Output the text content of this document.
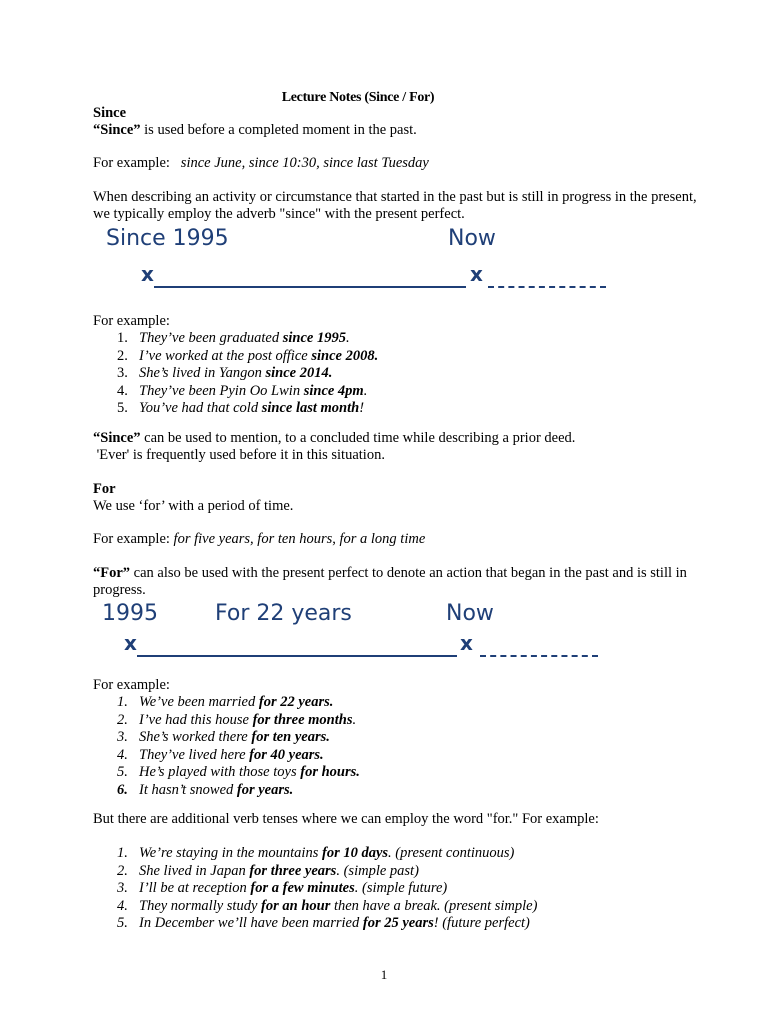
Lecture Notes (Since / For)
Since
“Since” is used before a completed moment in the past.
For example: since June, since 10:30, since last Tuesday
When describing an activity or circumstance that started in the past but is still in progress in the present, we typically employ the adverb "since" with the present perfect.
Since 1995	Now
x	x
For example:
1. They’ve been graduated since 1995.
2. I’ve worked at the post office since 2008.
3. She’s lived in Yangon since 2014.
4. They’ve been Pyin Oo Lwin since 4pm.
5. You’ve had that cold since last month!
“Since” can be used to mention, to a concluded time while describing a prior deed.
'Ever' is frequently used before it in this situation.
For
We use ‘for’ with a period of time.
For example: for five years, for ten hours, for a long time
“For” can also be used with the present perfect to denote an action that began in the past and is still in progress.
1995	For 22 years	Now
x	x
For example:
1. We’ve been married for 22 years.
2. I’ve had this house for three months.
3. She’s worked there for ten years.
4. They’ve lived here for 40 years.
5. He’s played with those toys for hours.
6. It hasn’t snowed for years.
But there are additional verb tenses where we can employ the word "for." For example:
1. We’re staying in the mountains for 10 days. (present continuous)
2. She lived in Japan for three years. (simple past)
3. I’ll be at reception for a few minutes. (simple future)
4. They normally study for an hour then have a break. (present simple)
5. In December we’ll have been married for 25 years! (future perfect)
1
